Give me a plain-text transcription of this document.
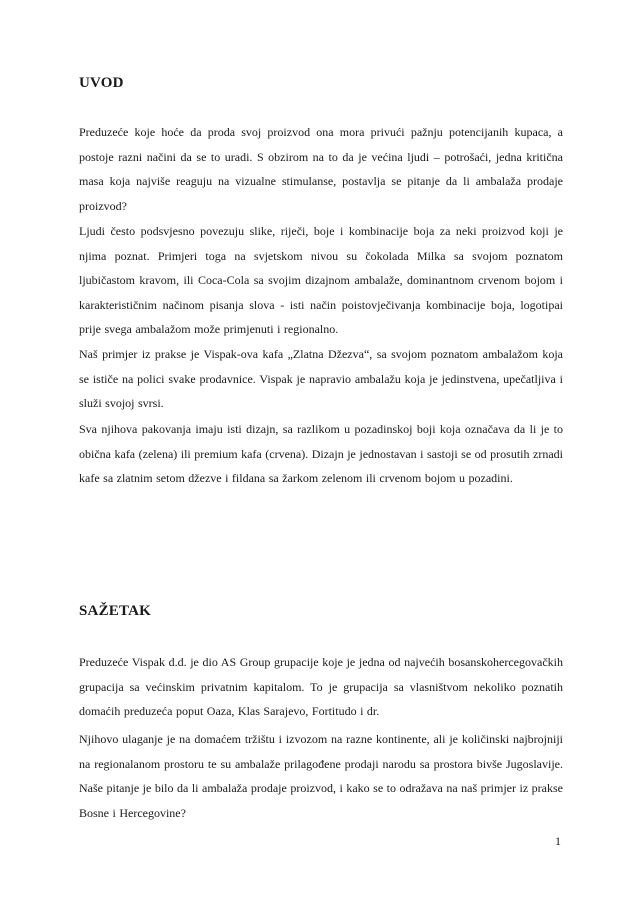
UVOD

Preduzeće koje hoće da proda svoj proizvod ona mora privući pažnju potencijanih kupaca, a postoje razni načini da se to uradi. S obzirom na to da je većina ljudi – potrošaći, jedna kritična masa koja najviše reaguju na vizualne stimulanse, postavlja se pitanje da li ambalaža prodaje proizvod?

Ljudi često podsvjesno povezuju slike, riječi, boje i kombinacije boja za neki proizvod koji je njima poznat. Primjeri toga na svjetskom nivou su čokolada Milka sa svojom poznatom ljubičastom kravom, ili Coca-Cola sa svojim dizajnom ambalaže, dominantnom crvenom bojom i karakterističnim načinom pisanja slova - isti način poistovječivanja kombinacije boja, logotipai prije svega ambalažom može primjenuti i regionalno.

Naš primjer iz prakse je Vispak-ova kafa „Zlatna Džezva“, sa svojom poznatom ambalažom koja se ističe na polici svake prodavnice. Vispak je napravio ambalažu koja je jedinstvena, upečatljiva i služi svojoj svrsi.

Sva njihova pakovanja imaju isti dizajn, sa razlikom u pozadinskoj boji koja označava da li je to obična kafa (zelena) ili premium kafa (crvena). Dizajn je jednostavan i sastoji se od prosutih zrnadi kafe sa zlatnim setom džezve i fildana sa žarkom zelenom ili crvenom bojom u pozadini.

SAŽETAK

Preduzeće Vispak d.d. je dio AS Group grupacije koje je jedna od najvećih bosanskohercegovačkih grupacija sa većinskim privatnim kapitalom. To je grupacija sa vlasništvom nekoliko poznatih domaćih preduzeća poput Oaza, Klas Sarajevo, Fortitudo i dr.

Njihovo ulaganje je na domaćem tržištu i izvozom na razne kontinente, ali je količinski najbrojniji na regionalanom prostoru te su ambalaže prilagođene prodaji narodu sa prostora bivše Jugoslavije. Naše pitanje je bilo da li ambalaža prodaje proizvod, i kako se to odražava na naš primjer iz prakse Bosne i Hercegovine?

1
